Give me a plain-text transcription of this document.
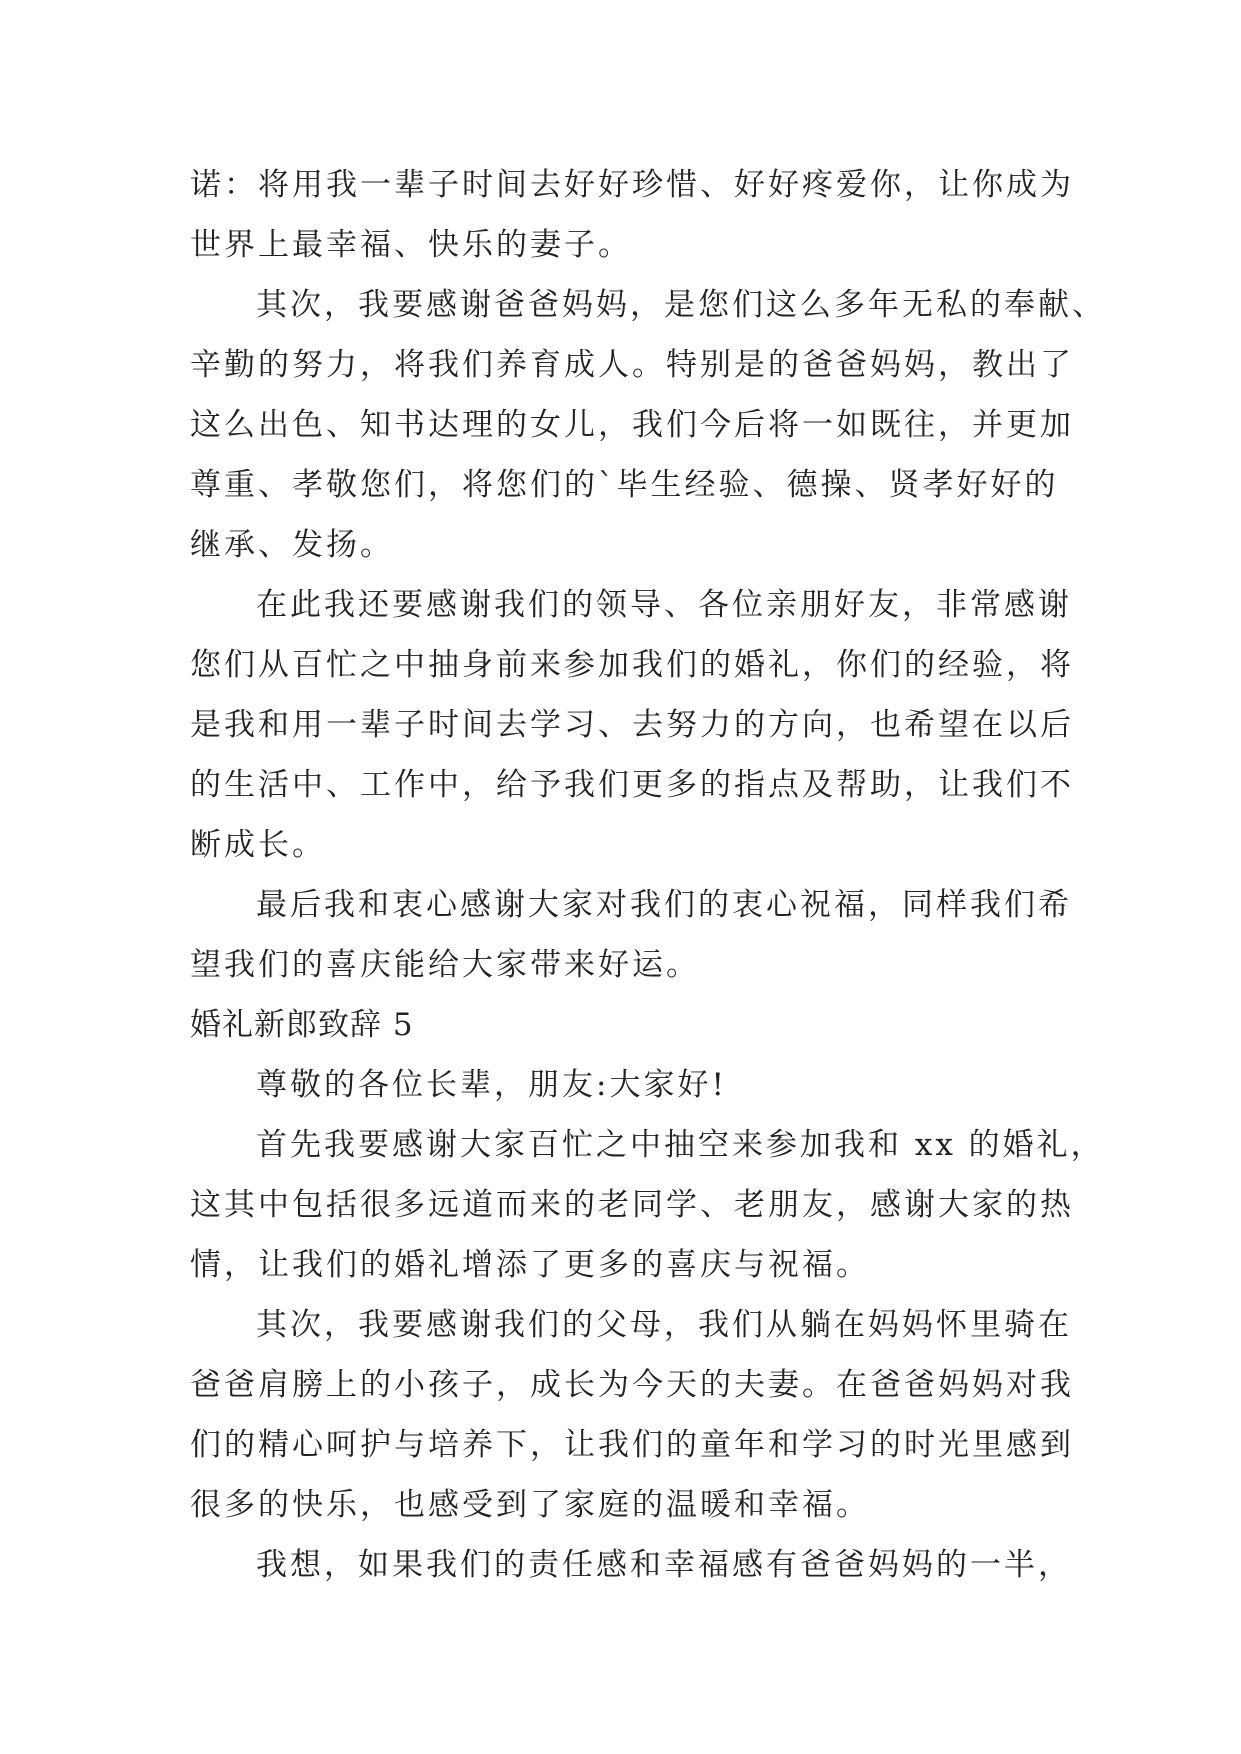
诺：将用我一辈子时间去好好珍惜、好好疼爱你，让你成为
世界上最幸福、快乐的妻子。
其次，我要感谢爸爸妈妈，是您们这么多年无私的奉献、
辛勤的努力，将我们养育成人。特别是的爸爸妈妈，教出了
这么出色、知书达理的女儿，我们今后将一如既往，并更加
尊重、孝敬您们，将您们的`毕生经验、德操、贤孝好好的
继承、发扬。
在此我还要感谢我们的领导、各位亲朋好友，非常感谢
您们从百忙之中抽身前来参加我们的婚礼，你们的经验，将
是我和用一辈子时间去学习、去努力的方向，也希望在以后
的生活中、工作中，给予我们更多的指点及帮助，让我们不
断成长。
最后我和衷心感谢大家对我们的衷心祝福，同样我们希
望我们的喜庆能给大家带来好运。
婚礼新郎致辞 5
尊敬的各位长辈，朋友:大家好!
首先我要感谢大家百忙之中抽空来参加我和 xx 的婚礼，
这其中包括很多远道而来的老同学、老朋友，感谢大家的热
情，让我们的婚礼增添了更多的喜庆与祝福。
其次，我要感谢我们的父母，我们从躺在妈妈怀里骑在
爸爸肩膀上的小孩子，成长为今天的夫妻。在爸爸妈妈对我
们的精心呵护与培养下，让我们的童年和学习的时光里感到
很多的快乐，也感受到了家庭的温暖和幸福。
我想，如果我们的责任感和幸福感有爸爸妈妈的一半，
